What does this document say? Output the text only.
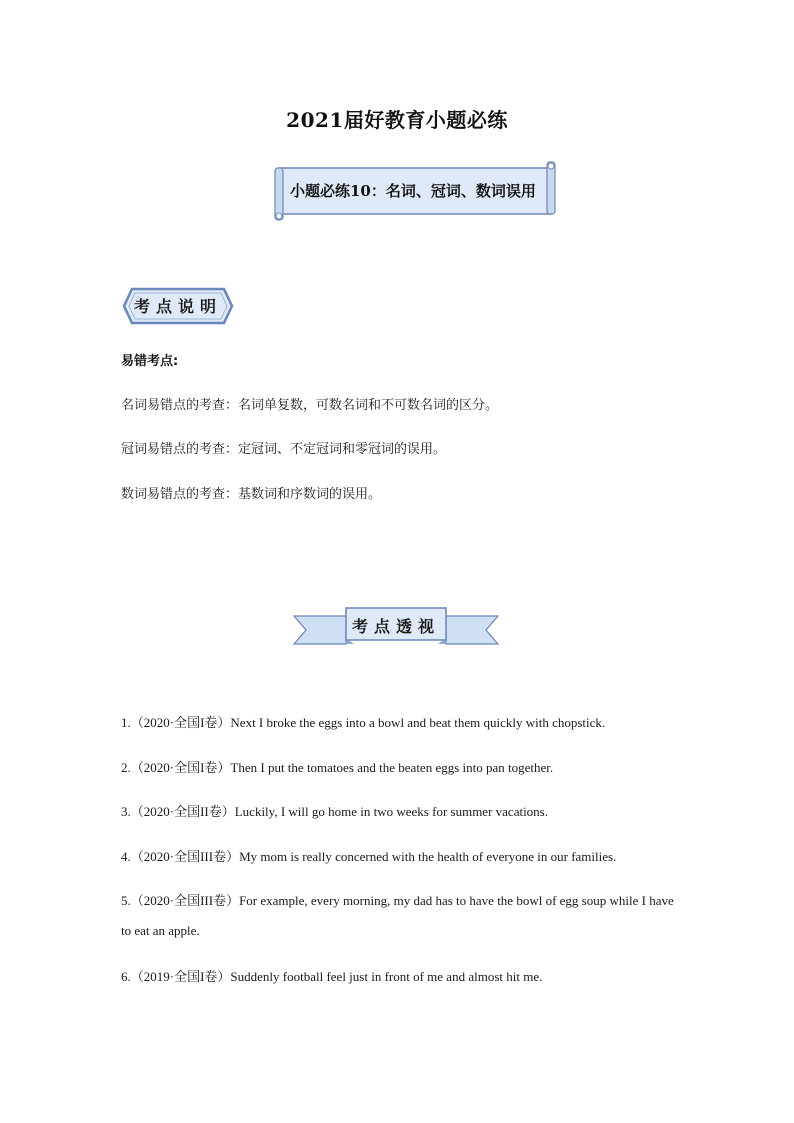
2021届好教育小题必练
小题必练10：名词、冠词、数词误用
考点说明
易错考点:
名词易错点的考查：名词单复数，可数名词和不可数名词的区分。
冠词易错点的考查：定冠词、不定冠词和零冠词的误用。
数词易错点的考查：基数词和序数词的误用。
考点透视
1.（2020·全国I卷）Next I broke the eggs into a bowl and beat them quickly with chopstick.
2.（2020·全国I卷）Then I put the tomatoes and the beaten eggs into pan together.
3.（2020·全国II卷）Luckily, I will go home in two weeks for summer vacations.
4.（2020·全国III卷）My mom is really concerned with the health of everyone in our families.
5.（2020·全国III卷）For example, every morning, my dad has to have the bowl of egg soup while I have to eat an apple.
6.（2019·全国I卷）Suddenly football feel just in front of me and almost hit me.
